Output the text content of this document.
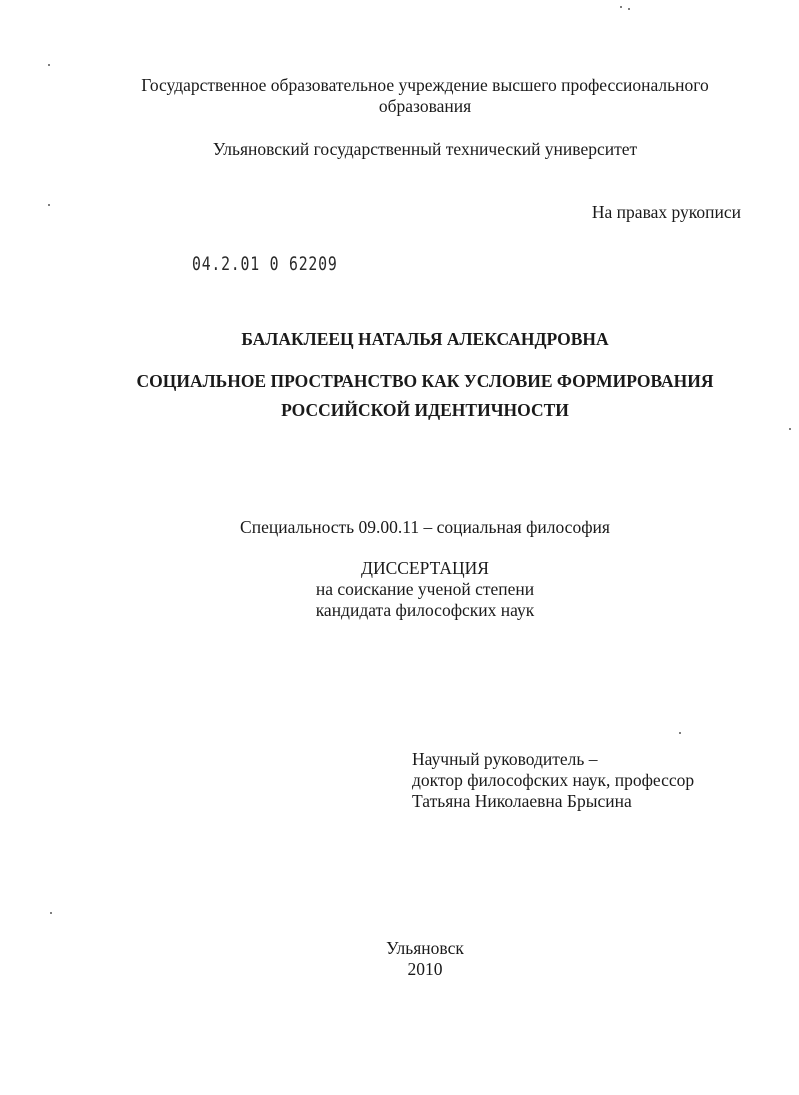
Государственное образовательное учреждение высшего профессионального
образования
Ульяновский государственный технический университет
На правах рукописи
04.2.01 0 62209
БАЛАКЛЕЕЦ НАТАЛЬЯ АЛЕКСАНДРОВНА
СОЦИАЛЬНОЕ ПРОСТРАНСТВО КАК УСЛОВИЕ ФОРМИРОВАНИЯ
РОССИЙСКОЙ ИДЕНТИЧНОСТИ
Специальность 09.00.11 – социальная философия
ДИССЕРТАЦИЯ
на соискание ученой степени
кандидата философских наук
Научный руководитель –
доктор философских наук, профессор
Татьяна Николаевна Брысина
Ульяновск
2010
